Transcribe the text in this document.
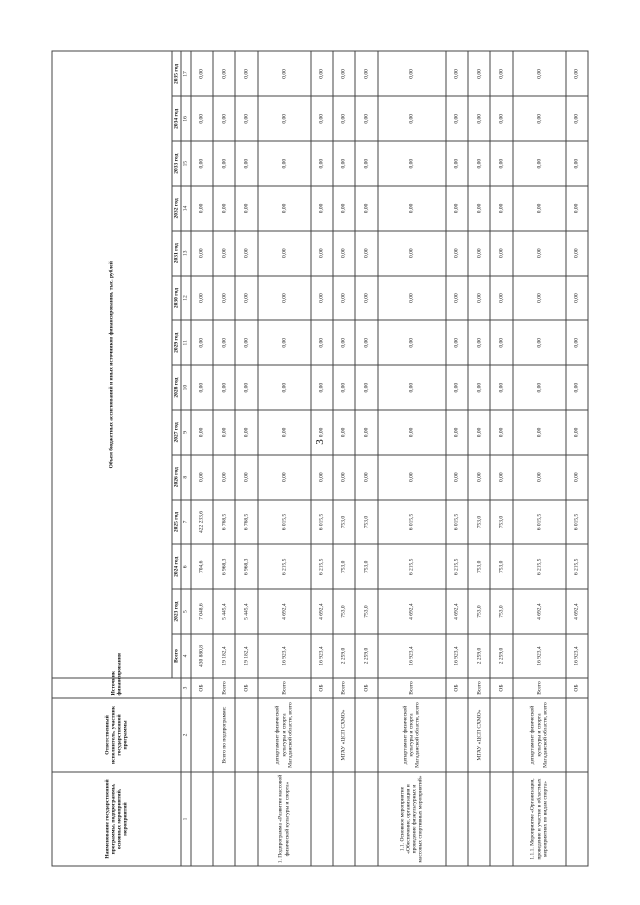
3
Наименование государственной программы, подпрограммы, основных мероприятий, мероприятий	Ответственный исполнитель, участник государственной программы	Источник финансирования	Объем бюджетных ассигнований и иных источников финансирования, тыс. рублей													
			Всего	2023 год	2024 год	2025 год	2026 год	2027 год	2028 год	2029 год	2030 год	2031 год	2032 год	2033 год	2034 год	2035 год
1	2	3	4	5	6	7	8	9	10	11	12	13	14	15	16	17
		ОБ	430 880,8	7 048,6	704,6	422 233,6	0,00	0,00	0,00	0,00	0,00	0,00	0,00	0,00	0,00	0,00
	Всего по подпрограмме:	Всего	19 182,4	5 445,4	6 968,3	6 768,5	0,00	0,00	0,00	0,00	0,00	0,00	0,00	0,00	0,00	0,00
		ОБ	19 182,4	5 445,4	6 968,3	6 768,5	0,00	0,00	0,00	0,00	0,00	0,00	0,00	0,00	0,00	0,00
1. Подпрограмма «Развитие массовой физической культуры и спорта»	департамент физической культуры и спорта Магаданской области, всего	Всего	16 923,4	4 692,4	6 215,5	6 015,5	0,00	0,00	0,00	0,00	0,00	0,00	0,00	0,00	0,00	0,00
		ОБ	16 923,4	4 692,4	6 215,5	6 015,5	0,00	0,00	0,00	0,00	0,00	0,00	0,00	0,00	0,00	0,00
	МГАУ «ЦСП СХМО»	Всего	2 259,0	753,0	753,0	753,0	0,00	0,00	0,00	0,00	0,00	0,00	0,00	0,00	0,00	0,00
		ОБ	2 259,0	753,0	753,0	753,0	0,00	0,00	0,00	0,00	0,00	0,00	0,00	0,00	0,00	0,00
1.1. Основное мероприятие «Обеспечение, организация и проведение физкультурных и массовых спортивных мероприятий»	департамент физической культуры и спорта Магаданской области, всего	Всего	16 923,4	4 692,4	6 215,5	6 015,5	0,00	0,00	0,00	0,00	0,00	0,00	0,00	0,00	0,00	0,00
		ОБ	16 923,4	4 692,4	6 215,5	6 015,5	0,00	0,00	0,00	0,00	0,00	0,00	0,00	0,00	0,00	0,00
	МГАУ «ЦСП СХМО»	Всего	2 259,0	753,0	753,0	753,0	0,00	0,00	0,00	0,00	0,00	0,00	0,00	0,00	0,00	0,00
		ОБ	2 259,0	753,0	753,0	753,0	0,00	0,00	0,00	0,00	0,00	0,00	0,00	0,00	0,00	0,00
1.1.1. Мероприятие «Организация, проведение и участие в областных мероприятиях по видам спорта»	департамент физической культуры и спорта Магаданской области, всего	Всего	16 923,4	4 692,4	6 215,5	6 015,5	0,00	0,00	0,00	0,00	0,00	0,00	0,00	0,00	0,00	0,00
		ОБ	16 923,4	4 692,4	6 215,5	6 015,5	0,00	0,00	0,00	0,00	0,00	0,00	0,00	0,00	0,00	0,00
